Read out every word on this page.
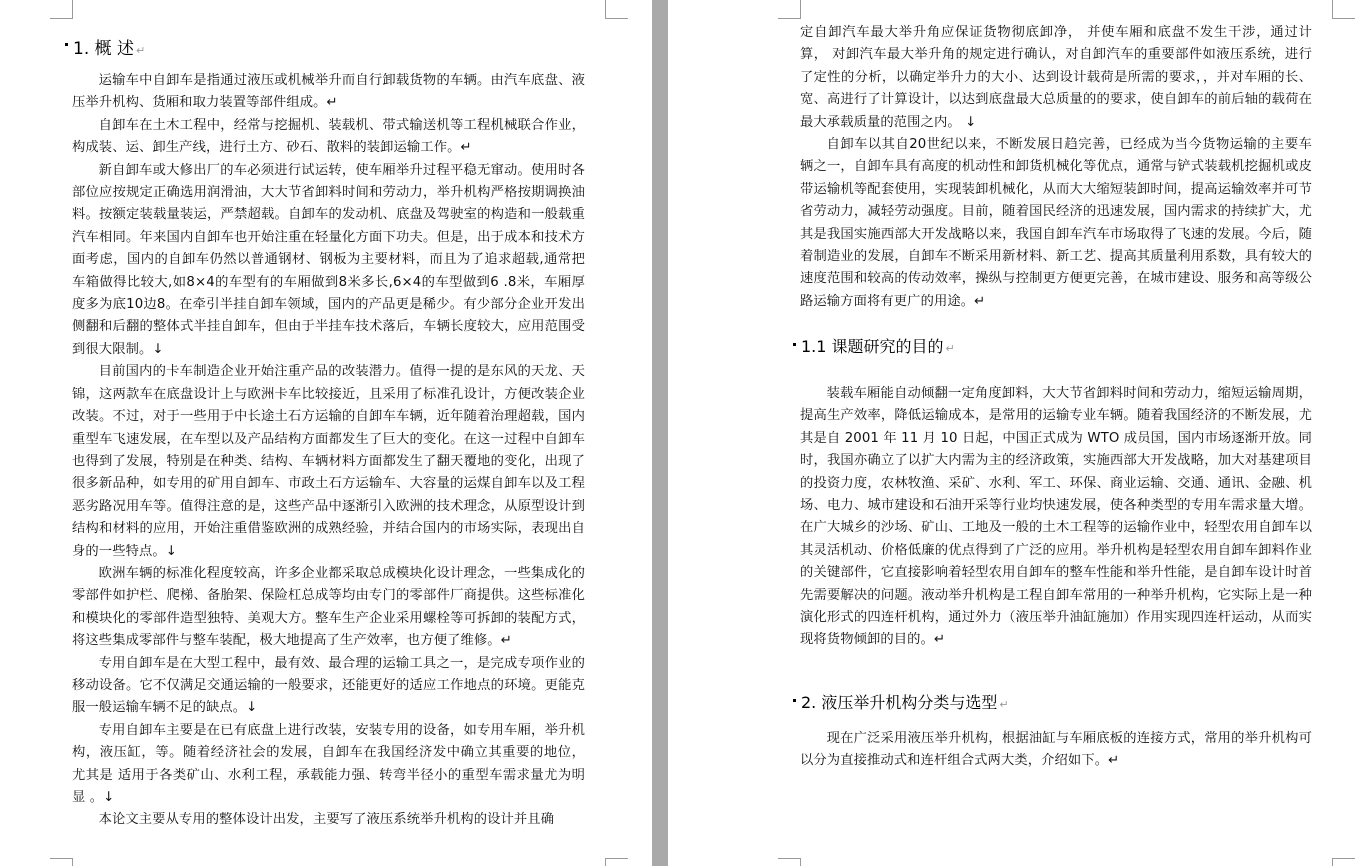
1. 概 述 ↵

运输车中自卸车是指通过液压或机械举升而自行卸载货物的车辆。由汽车底盘、液压举升机构、货厢和取力装置等部件组成。↵

自卸车在土木工程中，经常与挖掘机、装载机、带式输送机等工程机械联合作业，构成装、运、卸生产线，进行土方、砂石、散料的装卸运输工作。↵

新自卸车或大修出厂的车必须进行试运转，使车厢举升过程平稳无窜动。使用时各部位应按规定正确选用润滑油，大大节省卸料时间和劳动力，举升机构严格按期调换油料。按额定装载量装运，严禁超载。自卸车的发动机、底盘及驾驶室的构造和一般载重汽车相同。年来国内自卸车也开始注重在轻量化方面下功夫。但是，出于成本和技术方面考虑，国内的自卸车仍然以普通钢材、钢板为主要材料，而且为了追求超载,通常把车箱做得比较大,如8×4的车型有的车厢做到8米多长,6×4的车型做到6 .8米，车厢厚度多为底10边8。在牵引半挂自卸车领域，国内的产品更是稀少。有少部分企业开发出侧翻和后翻的整体式半挂自卸车，但由于半挂车技术落后，车辆长度较大，应用范围受到很大限制。↓

目前国内的卡车制造企业开始注重产品的改装潜力。值得一提的是东风的天龙、天锦，这两款车在底盘设计上与欧洲卡车比较接近，且采用了标准孔设计，方便改装企业改装。不过，对于一些用于中长途土石方运输的自卸车车辆，近年随着治理超载，国内重型车飞速发展，在车型以及产品结构方面都发生了巨大的变化。在这一过程中自卸车也得到了发展，特别是在种类、结构、车辆材料方面都发生了翻天覆地的变化，出现了很多新品种，如专用的矿用自卸车、市政土石方运输车、大容量的运煤自卸车以及工程恶劣路况用车等。值得注意的是，这些产品中逐渐引入欧洲的技术理念，从原型设计到结构和材料的应用，开始注重借鉴欧洲的成熟经验，并结合国内的市场实际，表现出自身的一些特点。↓

欧洲车辆的标准化程度较高，许多企业都采取总成模块化设计理念，一些集成化的零部件如护栏、爬梯、备胎架、保险杠总成等均由专门的零部件厂商提供。这些标准化和模块化的零部件造型独特、美观大方。整车生产企业采用螺栓等可拆卸的装配方式，将这些集成零部件与整车装配，极大地提高了生产效率，也方便了维修。↵

专用自卸车是在大型工程中，最有效、最合理的运输工具之一，是完成专项作业的移动设备。它不仅满足交通运输的一般要求，还能更好的适应工作地点的环境。更能克服一般运输车辆不足的缺点。↓

专用自卸车主要是在已有底盘上进行改装，安装专用的设备，如专用车厢，举升机构，液压缸，等。随着经济社会的发展，自卸车在我国经济发中确立其重要的地位， 尤其是 适用于各类矿山、水利工程，承载能力强、转弯半径小的重型车需求量尤为明显 。↓

本论文主要从专用的整体设计出发，主要写了液压系统举升机构的设计并且确

定自卸汽车最大举升角应保证货物彻底卸净， 并使车厢和底盘不发生干涉，通过计算， 对卸汽车最大举升角的规定进行确认，对自卸汽车的重要部件如液压系统，进行了定性的分析，以确定举升力的大小、达到设计载荷是所需的要求，，并对车厢的长、宽、高进行了计算设计，以达到底盘最大总质量的的要求，使自卸车的前后轴的载荷在最大承载质量的范围之内。 ↓

自卸车以其自20世纪以来，不断发展日趋完善，已经成为当今货物运输的主要车辆之一，自卸车具有高度的机动性和卸货机械化等优点，通常与铲式装载机挖掘机或皮带运输机等配套使用，实现装卸机械化，从而大大缩短装卸时间，提高运输效率并可节省劳动力，减轻劳动强度。目前，随着国民经济的迅速发展，国内需求的持续扩大，尤其是我国实施西部大开发战略以来，我国自卸车汽车市场取得了飞速的发展。今后，随着制造业的发展，自卸车不断采用新材料、新工艺、提高其质量利用系数，具有较大的速度范围和较高的传动效率，操纵与控制更方便更完善，在城市建设、服务和高等级公路运输方面将有更广的用途。↵

1.1 课题研究的目的 ↵

装载车厢能自动倾翻一定角度卸料，大大节省卸料时间和劳动力，缩短运输周期，提高生产效率，降低运输成本，是常用的运输专业车辆。随着我国经济的不断发展，尤其是自 2001 年 11 月 10 日起，中国正式成为 WTO 成员国，国内市场逐渐开放。同时，我国亦确立了以扩大内需为主的经济政策，实施西部大开发战略，加大对基建项目的投资力度，农林牧渔、采矿、水利、军工、环保、商业运输、交通、通讯、金融、机场、电力、城市建设和石油开采等行业均快速发展，使各种类型的专用车需求量大增。在广大城乡的沙场、矿山、工地及一般的土木工程等的运输作业中，轻型农用自卸车以其灵活机动、价格低廉的优点得到了广泛的应用。举升机构是轻型农用自卸车卸料作业的关键部件，它直接影响着轻型农用自卸车的整车性能和举升性能，是自卸车设计时首先需要解决的问题。液动举升机构是工程自卸车常用的一种举升机构，它实际上是一种演化形式的四连杆机构，通过外力（液压举升油缸施加）作用实现四连杆运动，从而实现将货物倾卸的目的。↵

2. 液压举升机构分类与选型 ↵

现在广泛采用液压举升机构，根据油缸与车厢底板的连接方式，常用的举升机构可以分为直接推动式和连杆组合式两大类，介绍如下。↵
